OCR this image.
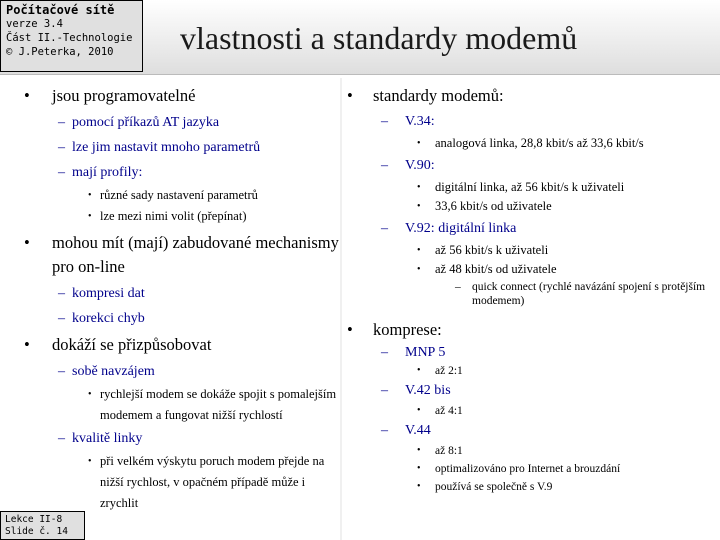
Počítačové sítě
verze 3.4
Část II.-Technologie
© J.Peterka, 2010	vlastnosti a standardy modemů
• jsou programovatelné
– pomocí příkazů AT jazyka
– lze jim nastavit mnoho parametrů
– mají profily:
• různé sady nastavení parametrů
• lze mezi nimi volit (přepínat)
• mohou mít (mají) zabudované mechanismy pro on-line
– kompresi dat
– korekci chyb
• dokáží se přizpůsobovat
– sobě navzájem
• rychlejší modem se dokáže spojit s pomalejším modemem a fungovat nižší rychlostí
– kvalitě linky
• při velkém výskytu poruch modem přejde na nižší rychlost, v opačném případě může i zrychlit
• standardy modemů:
– V.34:
• analogová linka, 28,8 kbit/s až 33,6 kbit/s
– V.90:
• digitální linka, až 56 kbit/s k uživateli
• 33,6 kbit/s od uživatele
– V.92: digitální linka
• až 56 kbit/s k uživateli
• až 48 kbit/s od uživatele
– quick connect (rychlé navázání spojení s protějším modemem)
• komprese:
– MNP 5
• až 2:1
– V.42 bis
• až 4:1
– V.44
• až 8:1
• optimalizováno pro Internet a brouzdání
• používá se společně s V.9
Lekce II-8
Slide č. 14
